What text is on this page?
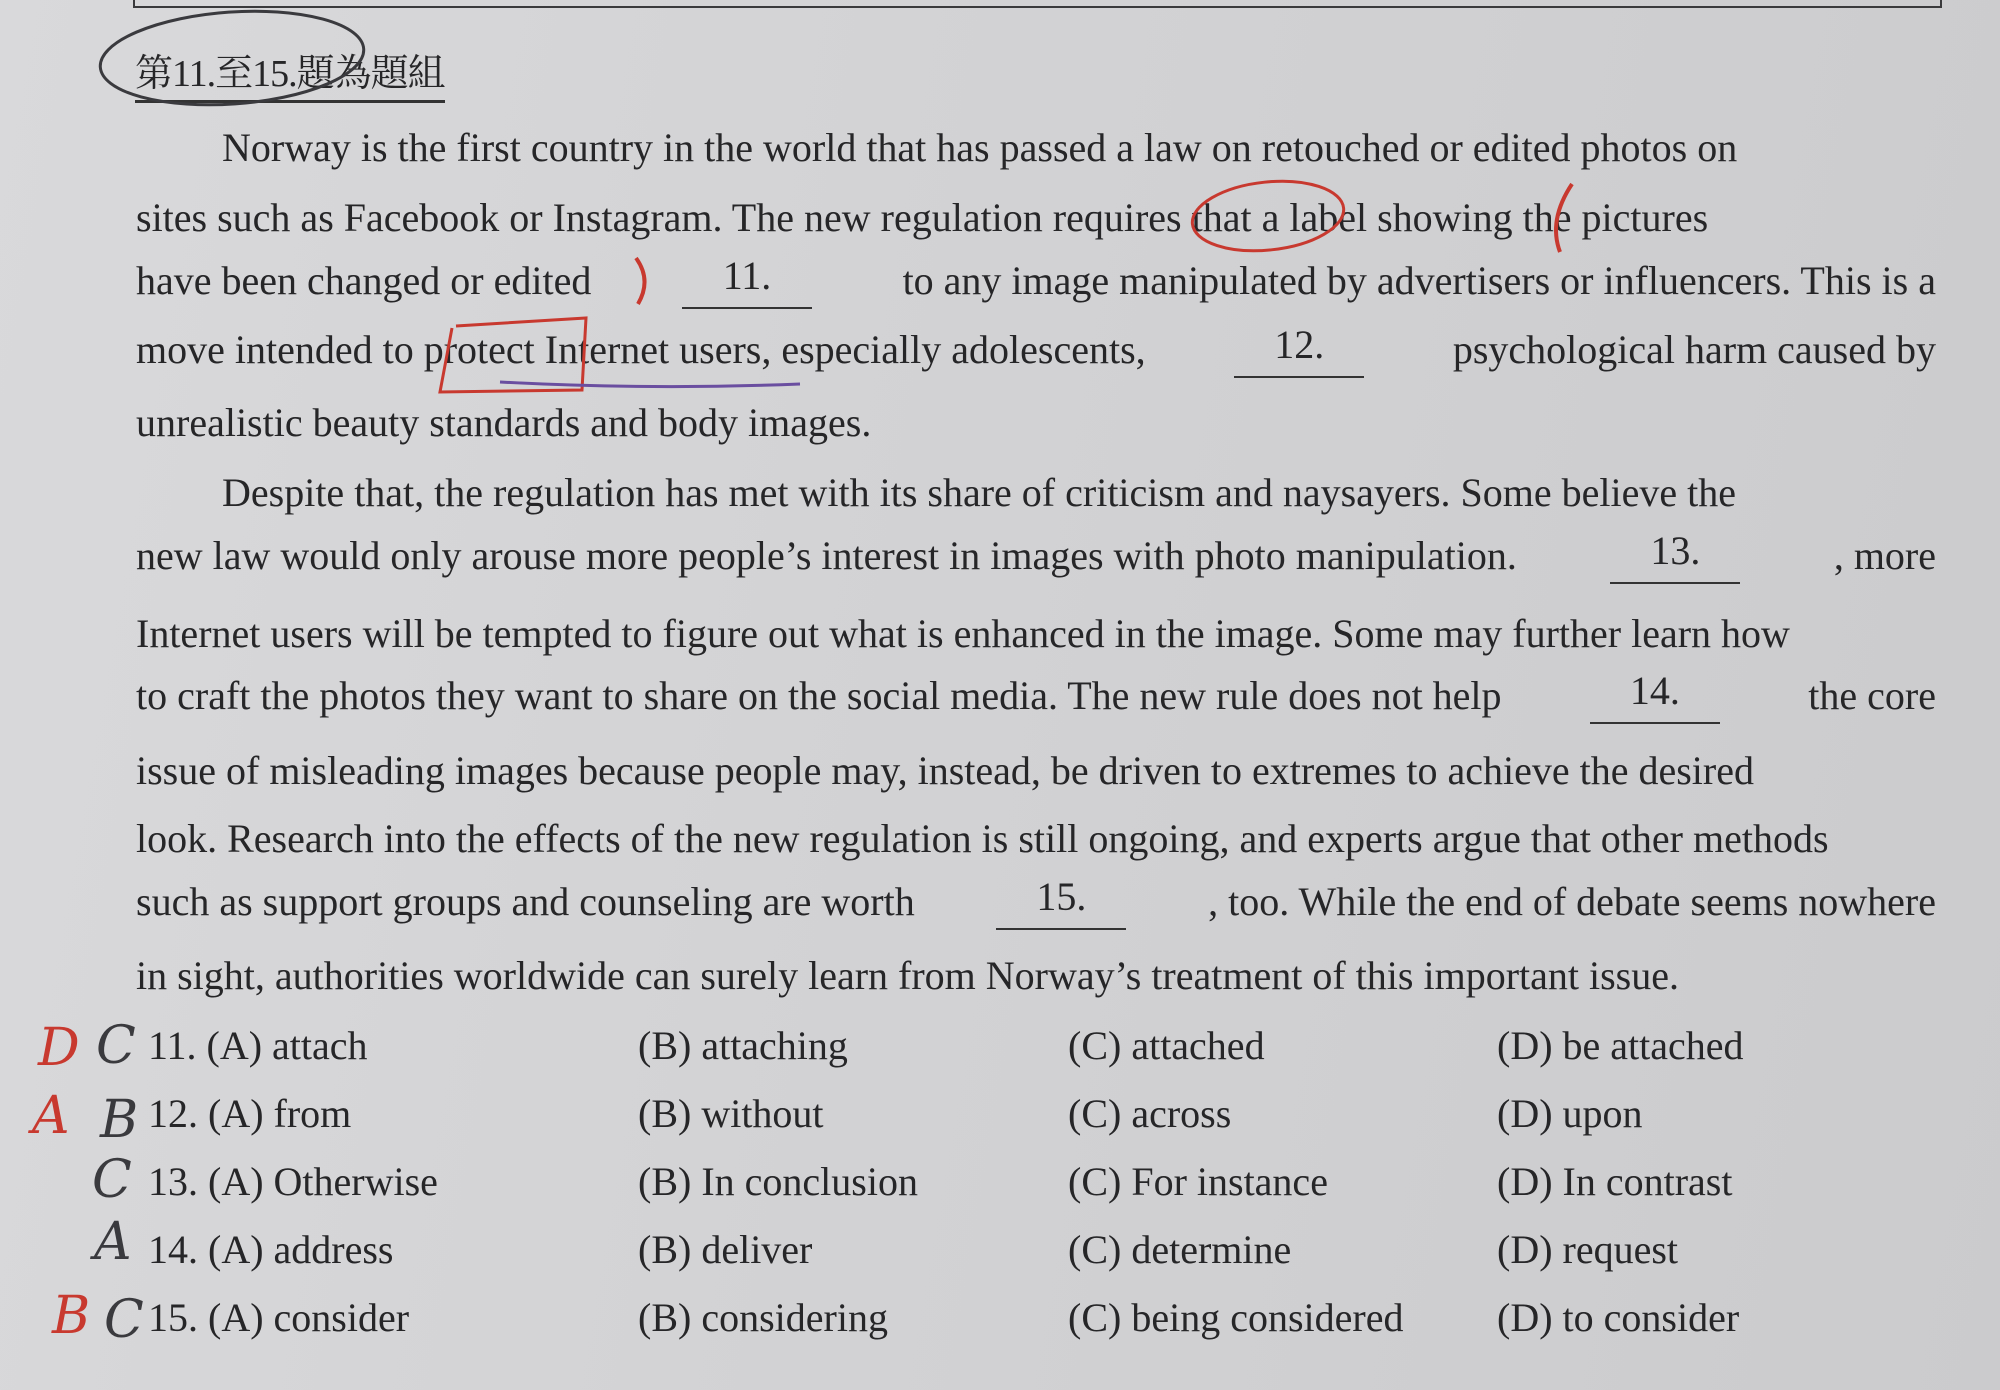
第11.至15.題為題組
Norway is the first country in the world that has passed a law on retouched or edited photos on
sites such as Facebook or Instagram. The new regulation requires that a label showing the pictures
have been changed or edited	11.	to any image manipulated by advertisers or influencers. This is a
move intended to protect Internet users, especially adolescents,	12.	psychological harm caused by
unrealistic beauty standards and body images.
Despite that, the regulation has met with its share of criticism and naysayers. Some believe the
new law would only arouse more people’s interest in images with photo manipulation.	13.	, more
Internet users will be tempted to figure out what is enhanced in the image. Some may further learn how
to craft the photos they want to share on the social media. The new rule does not help	14.	the core
issue of misleading images because people may, instead, be driven to extremes to achieve the desired
look. Research into the effects of the new regulation is still ongoing, and experts argue that other methods
such as support groups and counseling are worth	15.	, too. While the end of debate seems nowhere
in sight, authorities worldwide can surely learn from Norway’s treatment of this important issue.
11. (A) attach	(B) attaching	(C) attached	(D) be attached
12. (A) from	(B) without	(C) across	(D) upon
13. (A) Otherwise	(B) In conclusion	(C) For instance	(D) In contrast
14. (A) address	(B) deliver	(C) determine	(D) request
15. (A) consider	(B) considering	(C) being considered (D) to consider
D C
A B
C
A
B C
